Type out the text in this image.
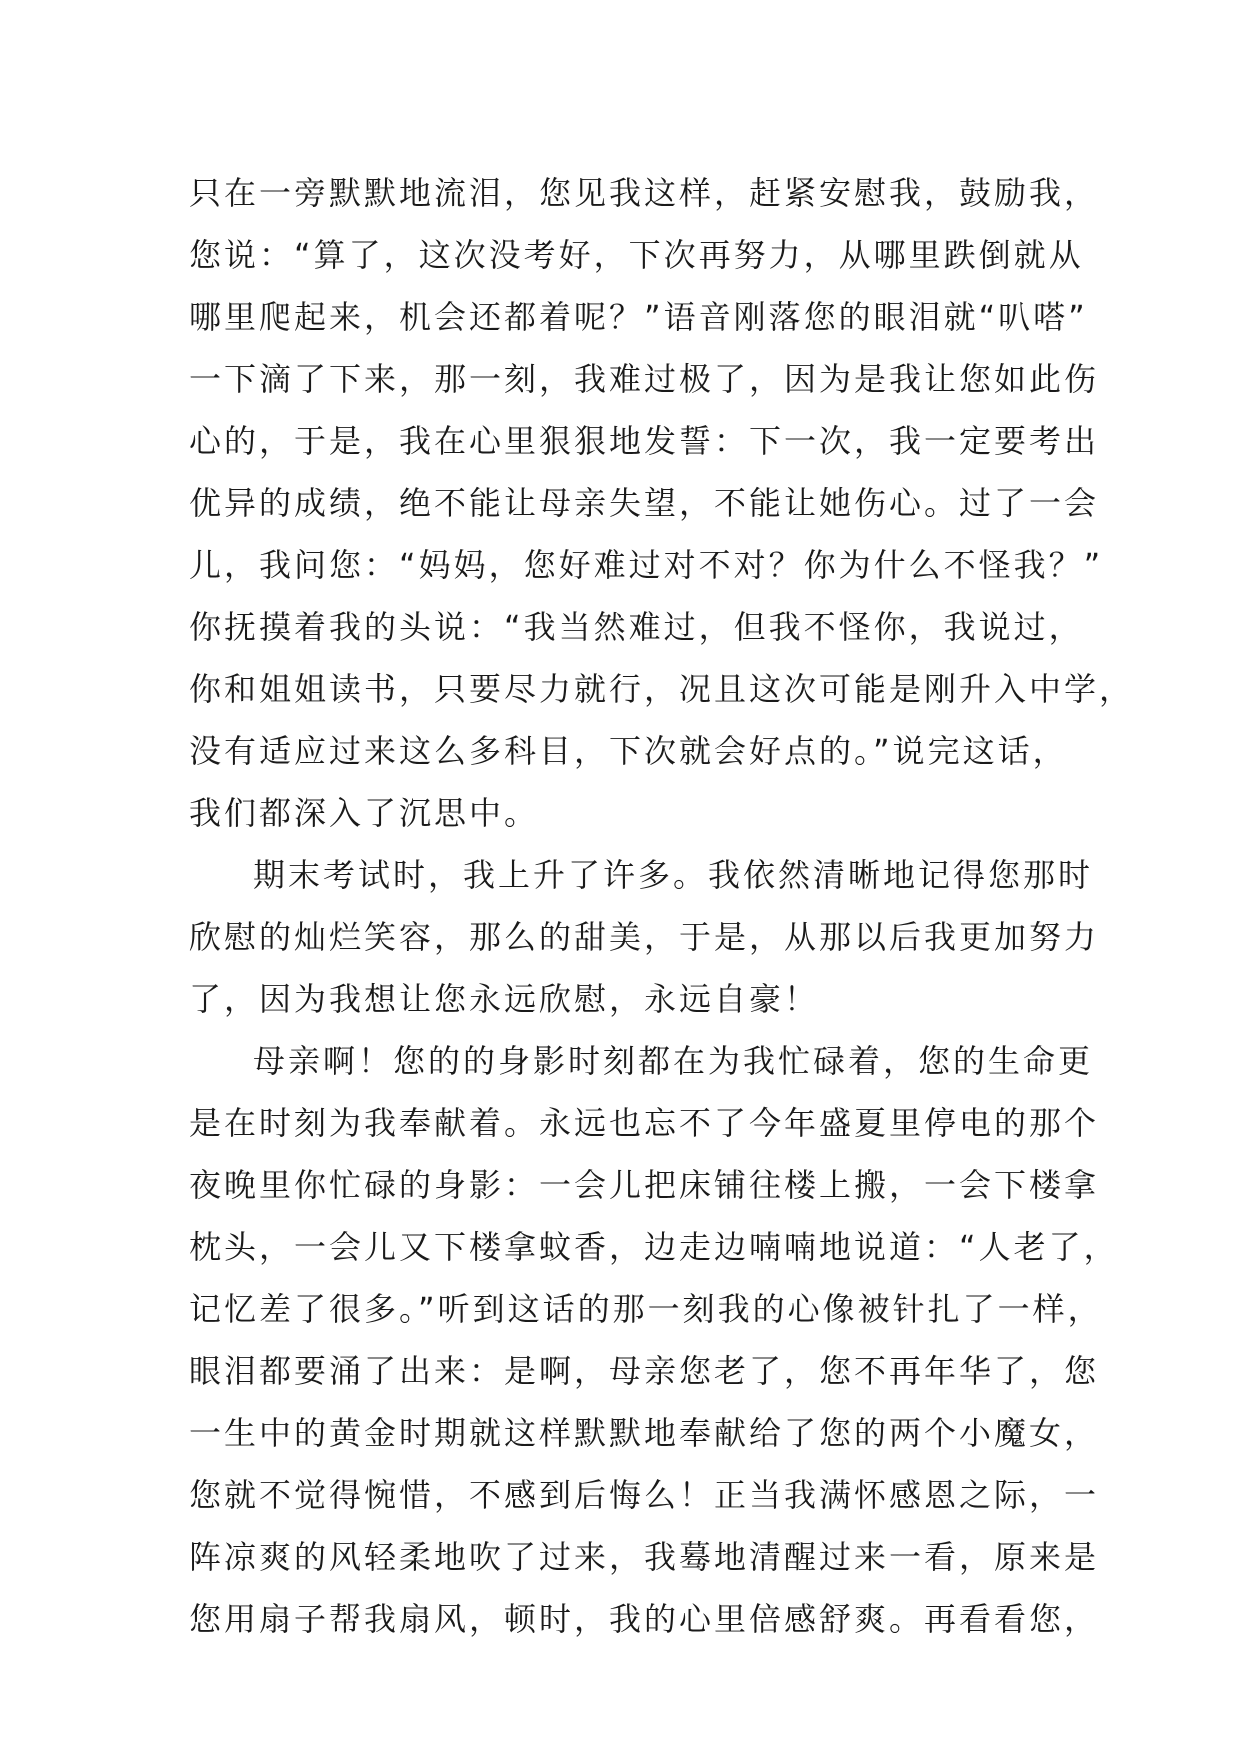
只在一旁默默地流泪，您见我这样，赶紧安慰我，鼓励我，
您说：“算了，这次没考好，下次再努力，从哪里跌倒就从
哪里爬起来，机会还都着呢？”语音刚落您的眼泪就“叭嗒”
一下滴了下来，那一刻，我难过极了，因为是我让您如此伤
心的，于是，我在心里狠狠地发誓：下一次，我一定要考出
优异的成绩，绝不能让母亲失望，不能让她伤心。过了一会
儿，我问您：“妈妈，您好难过对不对？你为什么不怪我？”
你抚摸着我的头说：“我当然难过，但我不怪你，我说过，
你和姐姐读书，只要尽力就行，况且这次可能是刚升入中学，
没有适应过来这么多科目，下次就会好点的。”说完这话，
我们都深入了沉思中。
期末考试时，我上升了许多。我依然清晰地记得您那时
欣慰的灿烂笑容，那么的甜美，于是，从那以后我更加努力
了，因为我想让您永远欣慰，永远自豪！
母亲啊！您的的身影时刻都在为我忙碌着，您的生命更
是在时刻为我奉献着。永远也忘不了今年盛夏里停电的那个
夜晚里你忙碌的身影：一会儿把床铺往楼上搬，一会下楼拿
枕头，一会儿又下楼拿蚊香，边走边喃喃地说道：“人老了，
记忆差了很多。”听到这话的那一刻我的心像被针扎了一样，
眼泪都要涌了出来：是啊，母亲您老了，您不再年华了，您
一生中的黄金时期就这样默默地奉献给了您的两个小魔女，
您就不觉得惋惜，不感到后悔么！正当我满怀感恩之际，一
阵凉爽的风轻柔地吹了过来，我蓦地清醒过来一看，原来是
您用扇子帮我扇风，顿时，我的心里倍感舒爽。再看看您，
